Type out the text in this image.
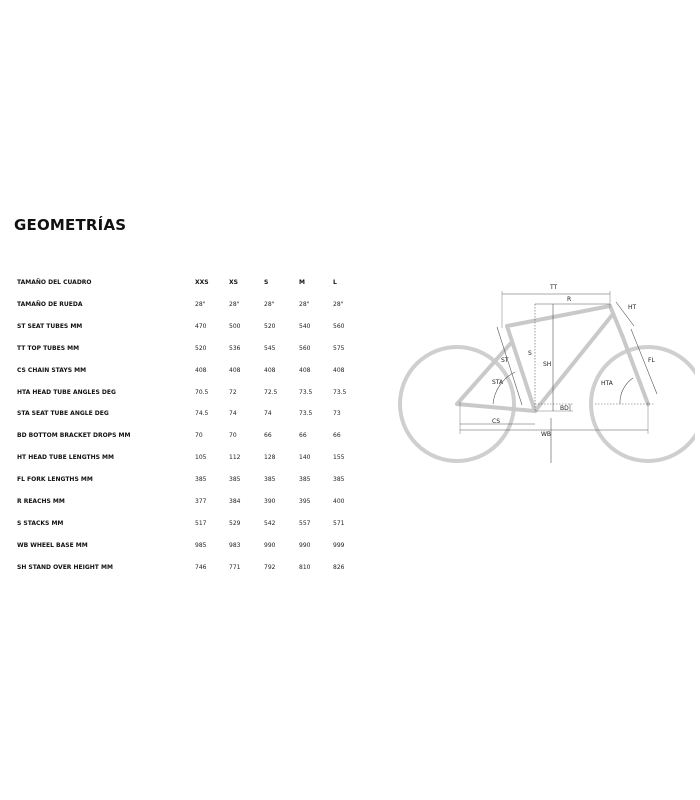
GEOMETRÍAS
TAMAÑO DEL CUADRO	XXS	XS	S	M	L
TAMAÑO DE RUEDA	28"	28"	28"	28"	28"
ST SEAT TUBES MM	470	500	520	540	560
TT TOP TUBES MM	520	536	545	560	575
CS CHAIN STAYS MM	408	408	408	408	408
HTA HEAD TUBE ANGLES DEG	70.5	72	72.5	73.5	73.5
STA SEAT TUBE ANGLE DEG	74.5	74	74	73.5	73
BD BOTTOM BRACKET DROPS MM	70	70	66	66	66
HT HEAD TUBE LENGTHS MM	105	112	128	140	155
FL FORK LENGTHS MM	385	385	385	385	385
R REACHS MM	377	384	390	395	400
S STACKS MM	517	529	542	557	571
WB WHEEL BASE MM	985	983	990	990	999
SH STAND OVER HEIGHT MM	746	771	792	810	826
TT
R
HT
ST
S
SH
FL
STA	HTA
BD
CS
WB
